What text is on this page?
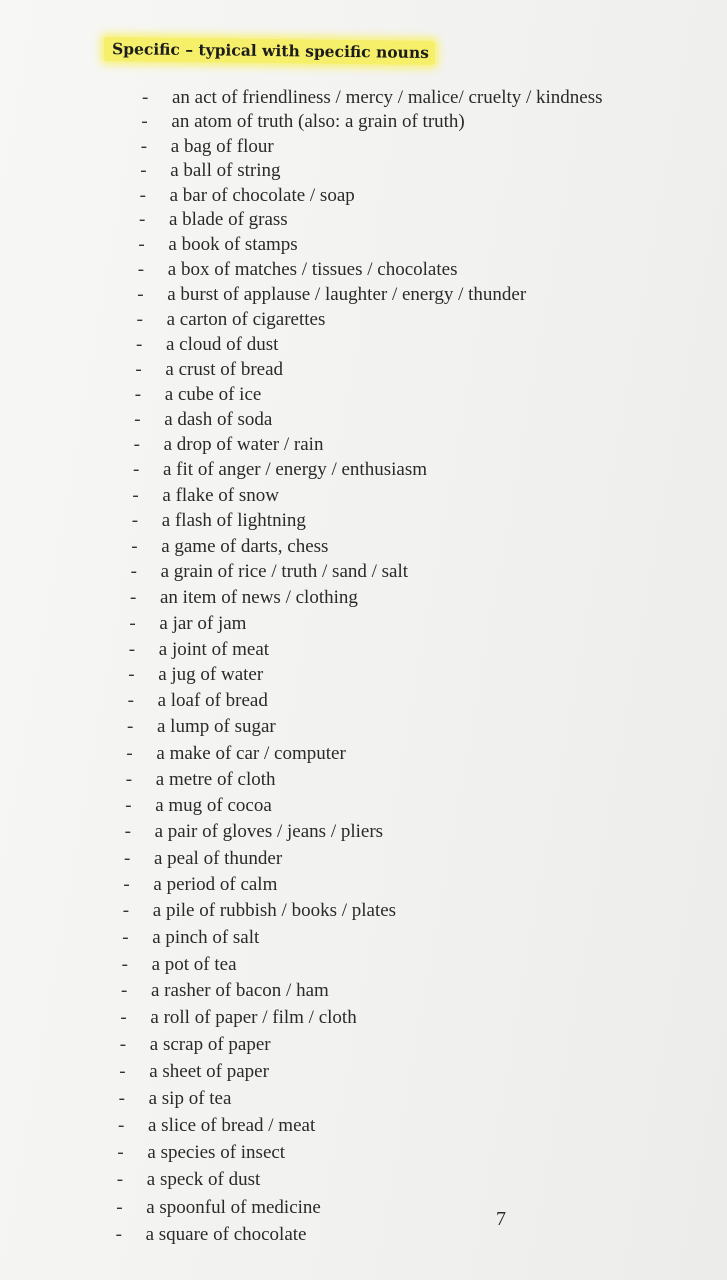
Specific – typical with specific nouns
- an act of friendliness / mercy / malice/ cruelty / kindness
- an atom of truth (also: a grain of truth)
- a bag of flour
- a ball of string
- a bar of chocolate / soap
- a blade of grass
- a book of stamps
- a box of matches / tissues / chocolates
- a burst of applause / laughter / energy / thunder
- a carton of cigarettes
- a cloud of dust
- a crust of bread
- a cube of ice
- a dash of soda
- a drop of water / rain
- a fit of anger / energy / enthusiasm
- a flake of snow
- a flash of lightning
- a game of darts, chess
- a grain of rice / truth / sand / salt
- an item of news / clothing
- a jar of jam
- a joint of meat
- a jug of water
- a loaf of bread
- a lump of sugar
- a make of car / computer
- a metre of cloth
- a mug of cocoa
- a pair of gloves / jeans / pliers
- a peal of thunder
- a period of calm
- a pile of rubbish / books / plates
- a pinch of salt
- a pot of tea
- a rasher of bacon / ham
- a roll of paper / film / cloth
- a scrap of paper
- a sheet of paper
- a sip of tea
- a slice of bread / meat
- a species of insect
- a speck of dust
- a spoonful of medicine
- a square of chocolate
7
